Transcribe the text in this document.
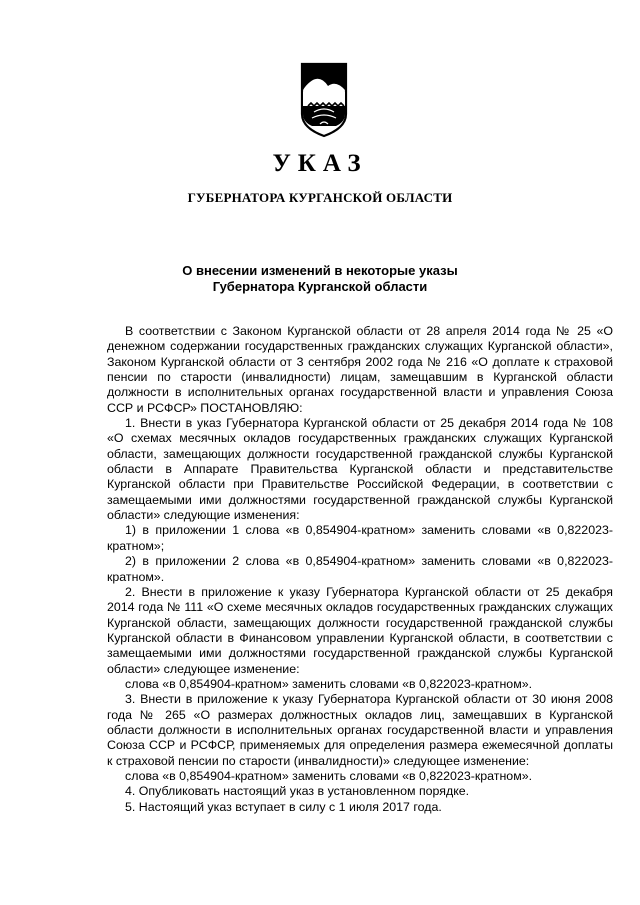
УКАЗ
ГУБЕРНАТОРА КУРГАНСКОЙ ОБЛАСТИ
О внесении изменений в некоторые указы
Губернатора Курганской области

В соответствии с Законом Курганской области от 28 апреля 2014 года № 25 «О денежном содержании государственных гражданских служащих Курганской области», Законом Курганской области от 3 сентября 2002 года № 216 «О доплате к страховой пенсии по старости (инвалидности) лицам, замещавшим в Курганской области должности в исполнительных органах государственной власти и управления Союза ССР и РСФСР» ПОСТАНОВЛЯЮ:

1. Внести в указ Губернатора Курганской области от 25 декабря 2014 года № 108 «О схемах месячных окладов государственных гражданских служащих Курганской области, замещающих должности государственной гражданской службы Курганской области в Аппарате Правительства Курганской области и представительстве Курганской области при Правительстве Российской Федерации, в соответствии с замещаемыми ими должностями государственной гражданской службы Курганской области» следующие изменения:

1) в приложении 1 слова «в 0,854904-кратном» заменить словами «в 0,822023-кратном»;

2) в приложении 2 слова «в 0,854904-кратном» заменить словами «в 0,822023-кратном».

2. Внести в приложение к указу Губернатора Курганской области от 25 декабря 2014 года № 111 «О схеме месячных окладов государственных гражданских служащих Курганской области, замещающих должности государственной гражданской службы Курганской области в Финансовом управлении Курганской области, в соответствии с замещаемыми ими должностями государственной гражданской службы Курганской области» следующее изменение:

слова «в 0,854904-кратном» заменить словами «в 0,822023-кратном».

3. Внести в приложение к указу Губернатора Курганской области от 30 июня 2008 года № 265 «О размерах должностных окладов лиц, замещавших в Курганской области должности в исполнительных органах государственной власти и управления Союза ССР и РСФСР, применяемых для определения размера ежемесячной доплаты к страховой пенсии по старости (инвалидности)» следующее изменение:

слова «в 0,854904-кратном» заменить словами «в 0,822023-кратном».

4. Опубликовать настоящий указ в установленном порядке.

5. Настоящий указ вступает в силу с 1 июля 2017 года.
